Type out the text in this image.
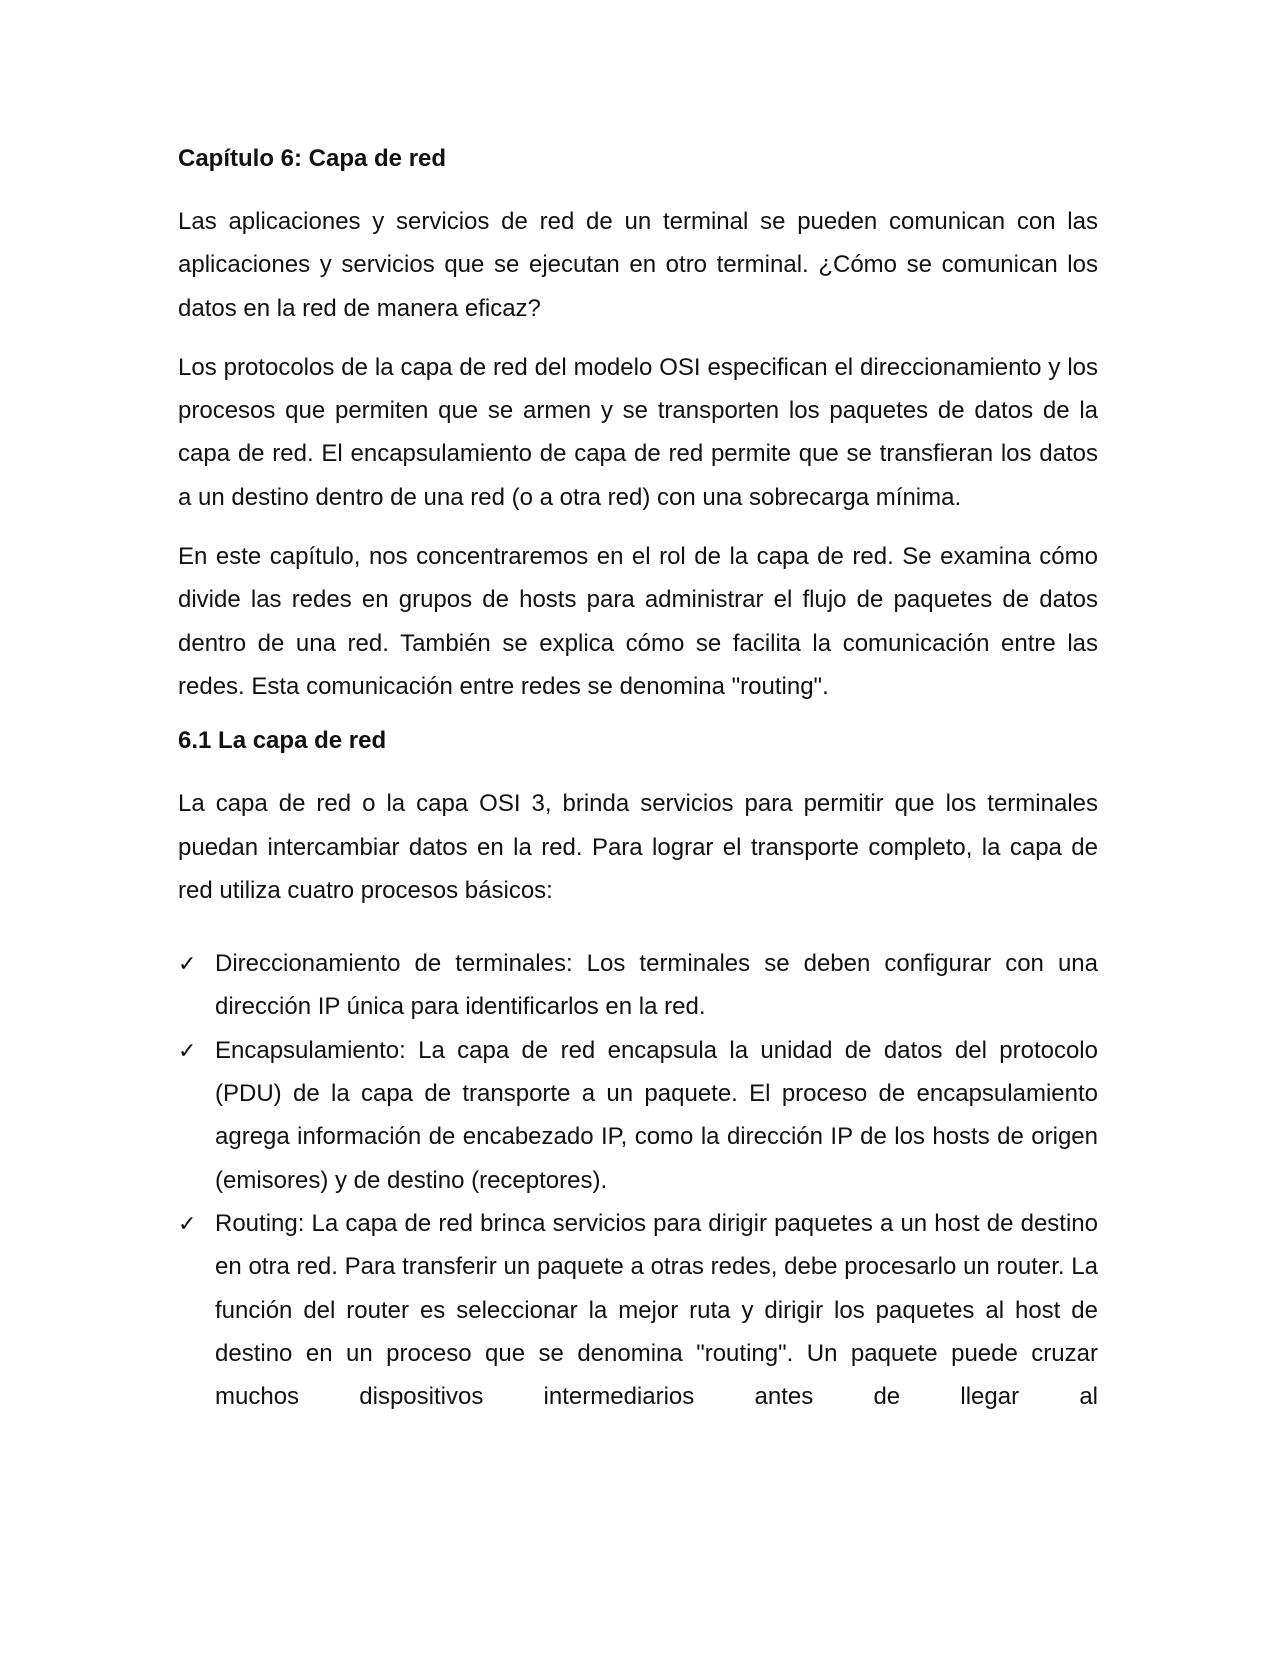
Capítulo 6: Capa de red

Las aplicaciones y servicios de red de un terminal se pueden comunican con las aplicaciones y servicios que se ejecutan en otro terminal. ¿Cómo se comunican los datos en la red de manera eficaz?

Los protocolos de la capa de red del modelo OSI especifican el direccionamiento y los procesos que permiten que se armen y se transporten los paquetes de datos de la capa de red. El encapsulamiento de capa de red permite que se transfieran los datos a un destino dentro de una red (o a otra red) con una sobrecarga mínima.

En este capítulo, nos concentraremos en el rol de la capa de red. Se examina cómo divide las redes en grupos de hosts para administrar el flujo de paquetes de datos dentro de una red. También se explica cómo se facilita la comunicación entre las redes. Esta comunicación entre redes se denomina "routing".

6.1 La capa de red

La capa de red o la capa OSI 3, brinda servicios para permitir que los terminales puedan intercambiar datos en la red. Para lograr el transporte completo, la capa de red utiliza cuatro procesos básicos:

✓ Direccionamiento de terminales: Los terminales se deben configurar con una dirección IP única para identificarlos en la red.
✓ Encapsulamiento: La capa de red encapsula la unidad de datos del protocolo (PDU) de la capa de transporte a un paquete. El proceso de encapsulamiento agrega información de encabezado IP, como la dirección IP de los hosts de origen (emisores) y de destino (receptores).
✓ Routing: La capa de red brinca servicios para dirigir paquetes a un host de destino en otra red. Para transferir un paquete a otras redes, debe procesarlo un router. La función del router es seleccionar la mejor ruta y dirigir los paquetes al host de destino en un proceso que se denomina "routing". Un paquete puede cruzar muchos dispositivos intermediarios antes de llegar al
